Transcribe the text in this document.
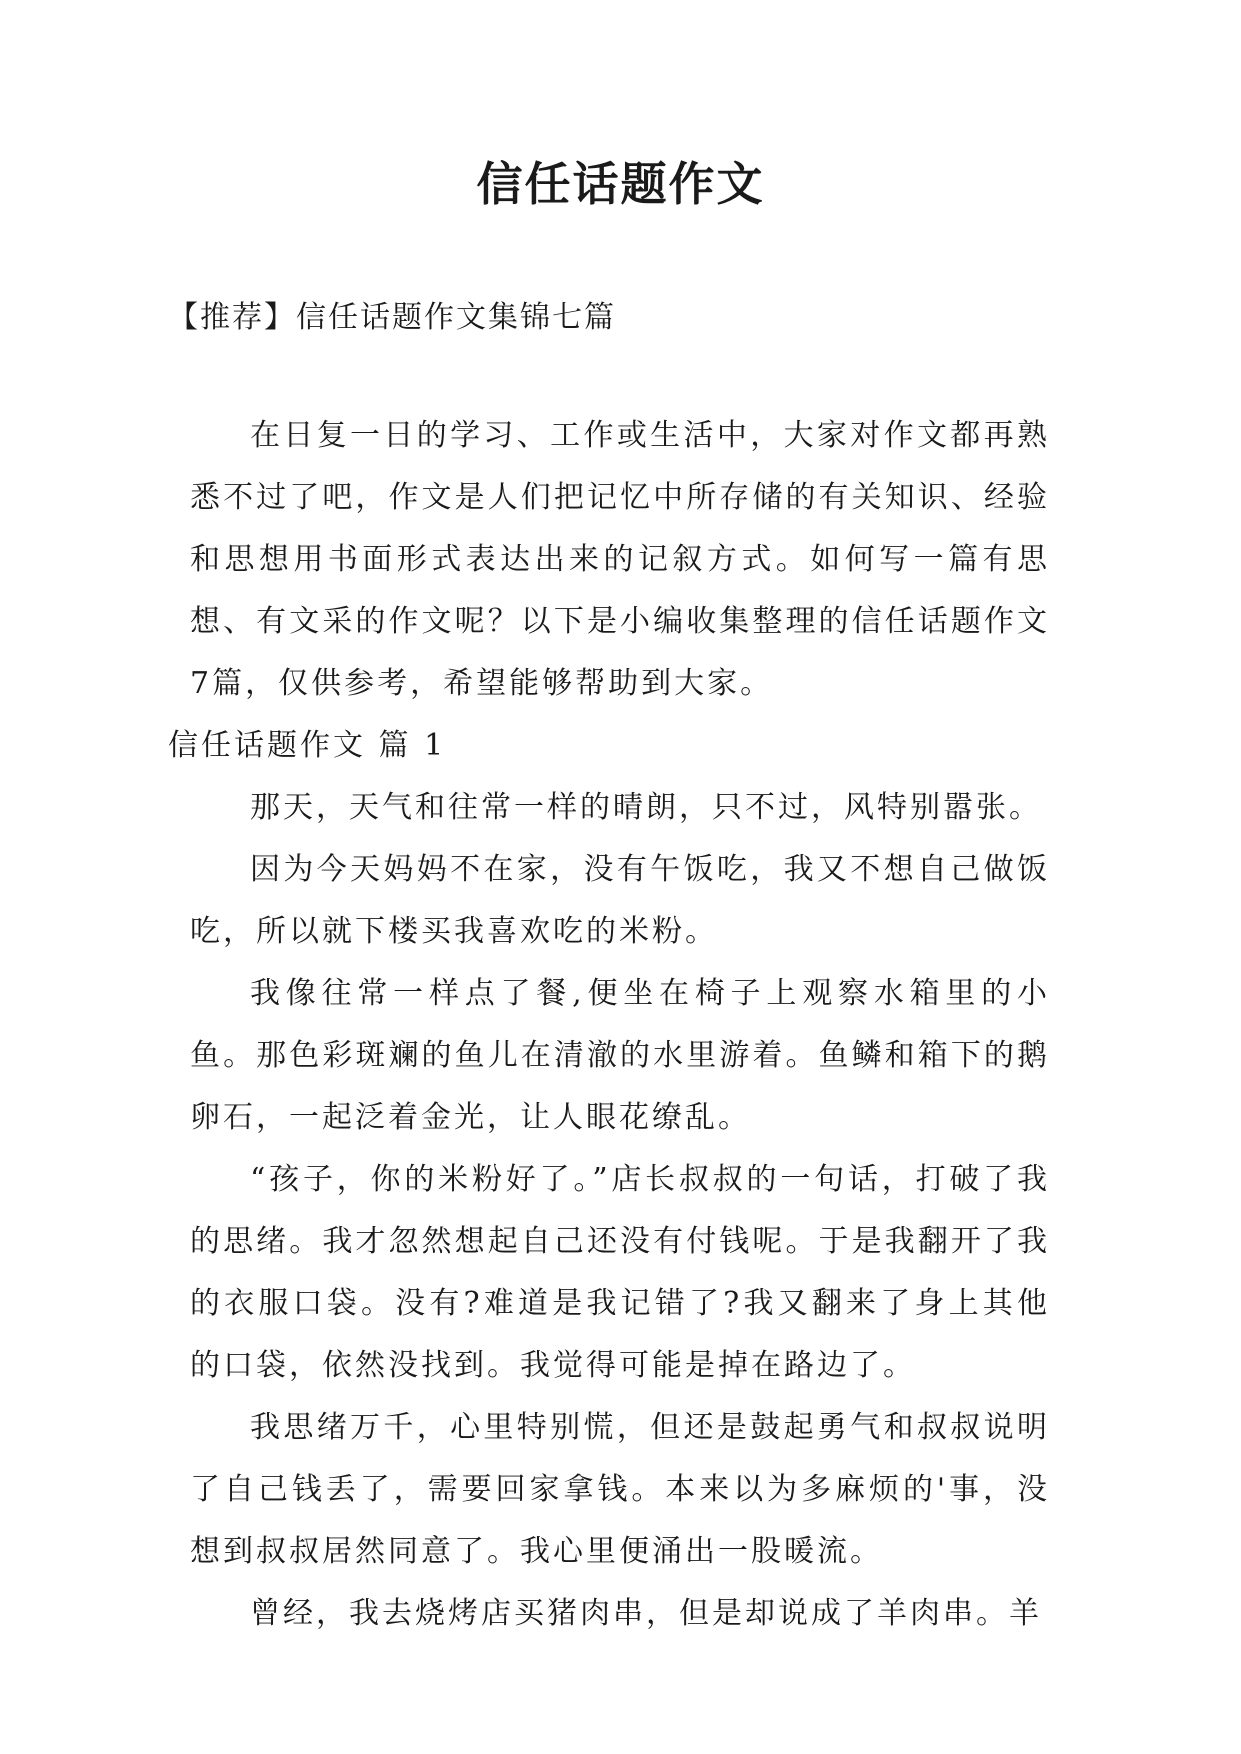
信任话题作文
【推荐】信任话题作文集锦七篇

在日复一日的学习、工作或生活中，大家对作文都再熟悉不过了吧，作文是人们把记忆中所存储的有关知识、经验和思想用书面形式表达出来的记叙方式。如何写一篇有思想、有文采的作文呢？以下是小编收集整理的信任话题作文7篇，仅供参考，希望能够帮助到大家。

信任话题作文 篇 1

那天，天气和往常一样的晴朗，只不过，风特别嚣张。

因为今天妈妈不在家，没有午饭吃，我又不想自己做饭吃，所以就下楼买我喜欢吃的米粉。

我像往常一样点了餐,便坐在椅子上观察水箱里的小鱼。那色彩斑斓的鱼儿在清澈的水里游着。鱼鳞和箱下的鹅卵石，一起泛着金光，让人眼花缭乱。

“孩子，你的米粉好了。”店长叔叔的一句话，打破了我的思绪。我才忽然想起自己还没有付钱呢。于是我翻开了我的衣服口袋。没有?难道是我记错了?我又翻来了身上其他的口袋，依然没找到。我觉得可能是掉在路边了。

我思绪万千，心里特别慌，但还是鼓起勇气和叔叔说明了自己钱丢了，需要回家拿钱。本来以为多麻烦的'事，没想到叔叔居然同意了。我心里便涌出一股暖流。

曾经，我去烧烤店买猪肉串，但是却说成了羊肉串。羊
